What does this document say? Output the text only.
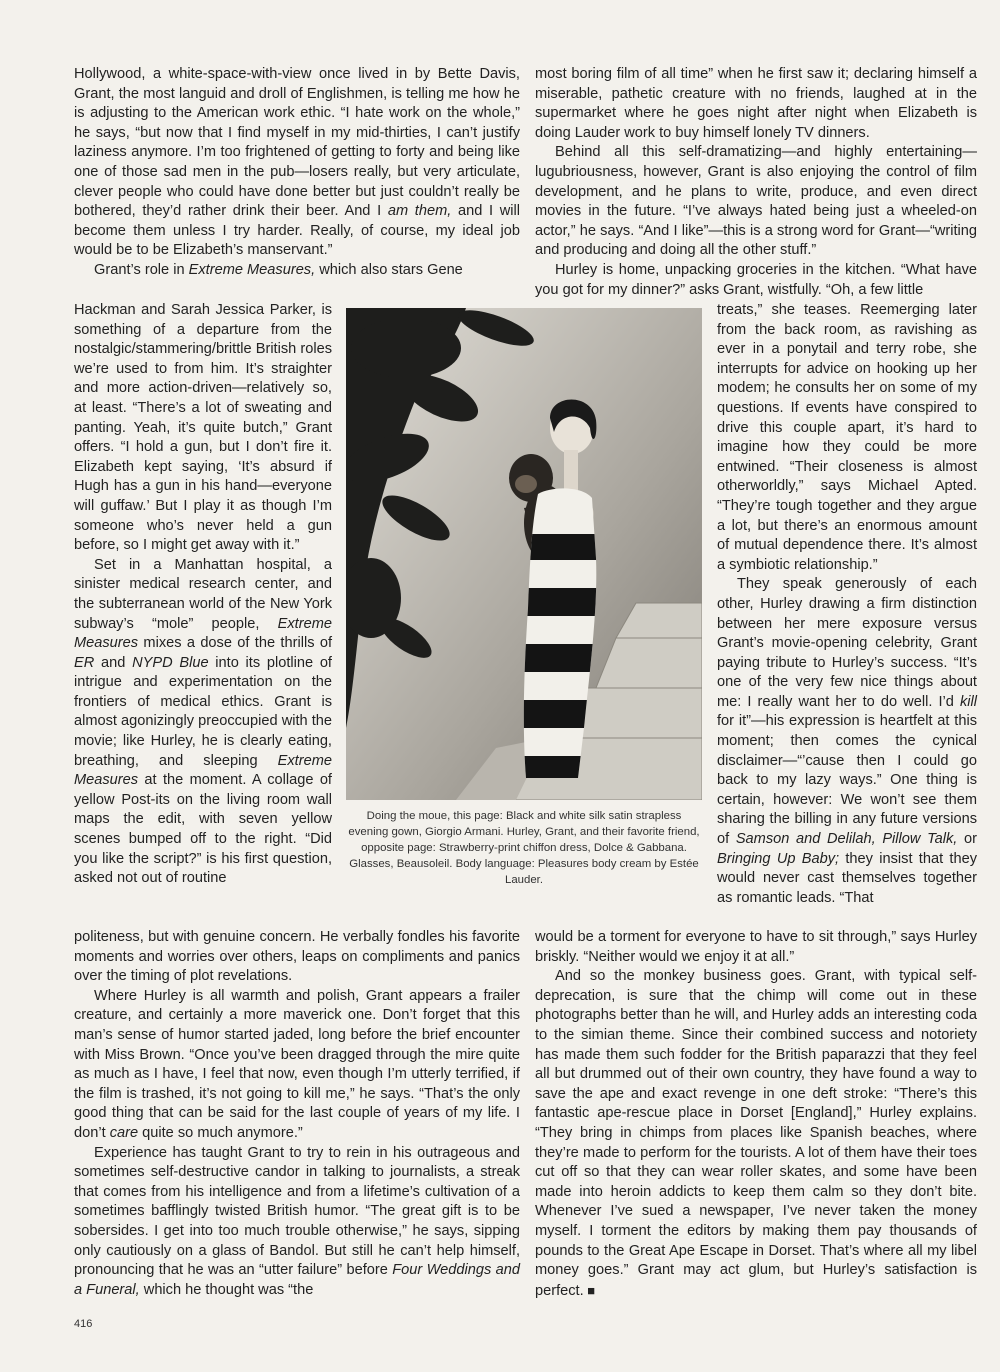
Hollywood, a white-space-with-view once lived in by Bette Davis, Grant, the most languid and droll of Englishmen, is telling me how he is adjusting to the American work ethic. “I hate work on the whole,” he says, “but now that I find myself in my mid-thirties, I can’t justify laziness anymore. I’m too frightened of getting to forty and being like one of those sad men in the pub—losers really, but very articulate, clever people who could have done better but just couldn’t really be bothered, they’d rather drink their beer. And I am them, and I will become them unless I try harder. Really, of course, my ideal job would be to be Elizabeth’s manservant.”

Grant’s role in Extreme Measures, which also stars Gene

Hackman and Sarah Jessica Parker, is something of a departure from the nostalgic/stammering/brittle British roles we’re used to from him. It’s straighter and more action-driven—relatively so, at least. “There’s a lot of sweating and panting. Yeah, it’s quite butch,” Grant offers. “I hold a gun, but I don’t fire it. Elizabeth kept saying, ‘It’s absurd if Hugh has a gun in his hand—everyone will guffaw.’ But I play it as though I’m someone who’s never held a gun before, so I might get away with it.”

Set in a Manhattan hospital, a sinister medical research center, and the subterranean world of the New York subway’s “mole” people, Extreme Measures mixes a dose of the thrills of ER and NYPD Blue into its plotline of intrigue and experimentation on the frontiers of medical ethics. Grant is almost agonizingly preoccupied with the movie; like Hurley, he is clearly eating, breathing, and sleeping Extreme Measures at the moment. A collage of yellow Post-its on the living room wall maps the edit, with seven yellow scenes bumped off to the right. “Did you like the script?” is his first question, asked not out of routine

politeness, but with genuine concern. He verbally fondles his favorite moments and worries over others, leaps on compliments and panics over the timing of plot revelations.

Where Hurley is all warmth and polish, Grant appears a frailer creature, and certainly a more maverick one. Don’t forget that this man’s sense of humor started jaded, long before the brief encounter with Miss Brown. “Once you’ve been dragged through the mire quite as much as I have, I feel that now, even though I’m utterly terrified, if the film is trashed, it’s not going to kill me,” he says. “That’s the only good thing that can be said for the last couple of years of my life. I don’t care quite so much anymore.”

Experience has taught Grant to try to rein in his outrageous and sometimes self-destructive candor in talking to journalists, a streak that comes from his intelligence and from a lifetime’s cultivation of a sometimes bafflingly twisted British humor. “The great gift is to be sobersides. I get into too much trouble otherwise,” he says, sipping only cautiously on a glass of Bandol. But still he can’t help himself, pronouncing that he was an “utter failure” before Four Weddings and a Funeral, which he thought was “the

most boring film of all time” when he first saw it; declaring himself a miserable, pathetic creature with no friends, laughed at in the supermarket where he goes night after night when Elizabeth is doing Lauder work to buy himself lonely TV dinners.

Behind all this self-dramatizing—and highly entertaining—lugubriousness, however, Grant is also enjoying the control of film development, and he plans to write, produce, and even direct movies in the future. “I’ve always hated being just a wheeled-on actor,” he says. “And I like”—this is a strong word for Grant—“writing and producing and doing all the other stuff.”

Hurley is home, unpacking groceries in the kitchen. “What have you got for my dinner?” asks Grant, wistfully. “Oh, a few little

treats,” she teases. Reemerging later from the back room, as ravishing as ever in a ponytail and terry robe, she interrupts for advice on hooking up her modem; he consults her on some of my questions. If events have conspired to drive this couple apart, it’s hard to imagine how they could be more entwined. “Their closeness is almost otherworldly,” says Michael Apted. “They’re tough together and they argue a lot, but there’s an enormous amount of mutual dependence there. It’s almost a symbiotic relationship.”

They speak generously of each other, Hurley drawing a firm distinction between her mere exposure versus Grant’s movie-opening celebrity, Grant paying tribute to Hurley’s success. “It’s one of the very few nice things about me: I really want her to do well. I’d kill for it”—his expression is heartfelt at this moment; then comes the cynical disclaimer—“’cause then I could go back to my lazy ways.” One thing is certain, however: We won’t see them sharing the billing in any future versions of Samson and Delilah, Pillow Talk, or Bringing Up Baby; they insist that they would never cast themselves together as romantic leads. “That

would be a torment for everyone to have to sit through,” says Hurley briskly. “Neither would we enjoy it at all.”

And so the monkey business goes. Grant, with typical self-deprecation, is sure that the chimp will come out in these photographs better than he will, and Hurley adds an interesting coda to the simian theme. Since their combined success and notoriety has made them such fodder for the British paparazzi that they feel all but drummed out of their own country, they have found a way to save the ape and exact revenge in one deft stroke: “There’s this fantastic ape-rescue place in Dorset [England],” Hurley explains. “They bring in chimps from places like Spanish beaches, where they’re made to perform for the tourists. A lot of them have their toes cut off so that they can wear roller skates, and some have been made into heroin addicts to keep them calm so they don’t bite. Whenever I’ve sued a newspaper, I’ve never taken the money myself. I torment the editors by making them pay thousands of pounds to the Great Ape Escape in Dorset. That’s where all my libel money goes.” Grant may act glum, but Hurley’s satisfaction is perfect. ■

Doing the moue, this page: Black and white silk satin strapless evening gown, Giorgio Armani. Hurley, Grant, and their favorite friend, opposite page: Strawberry-print chiffon dress, Dolce & Gabbana. Glasses, Beausoleil. Body language: Pleasures body cream by Estée Lauder.
416
